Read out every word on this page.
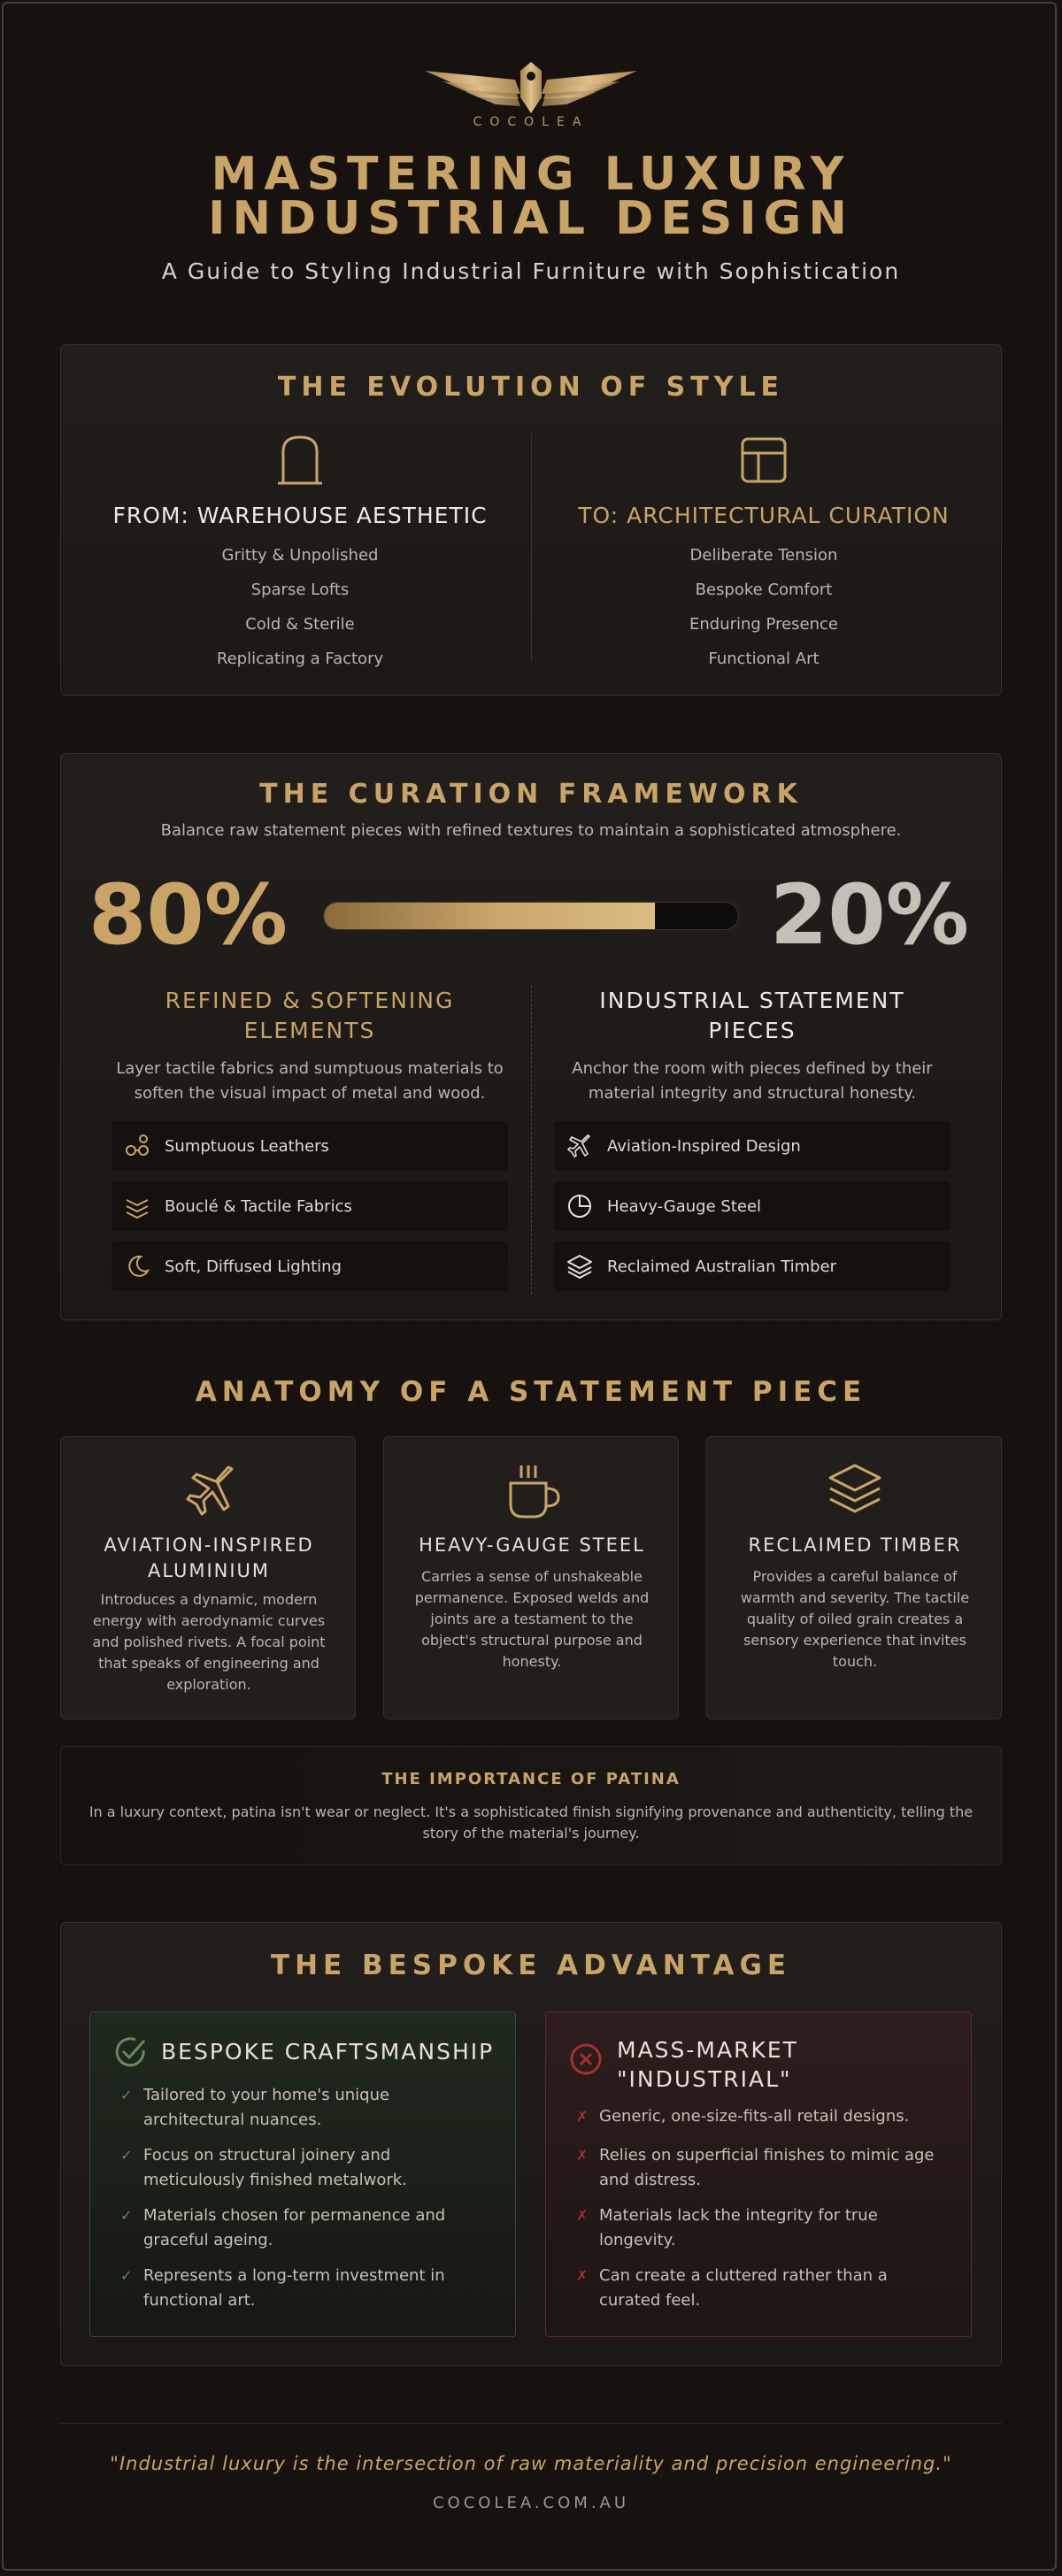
COCOLEA
MASTERING LUXURY
INDUSTRIAL DESIGN
A Guide to Styling Industrial Furniture with Sophistication
THE EVOLUTION OF STYLE
FROM: WAREHOUSE AESTHETIC
Gritty & Unpolished
Sparse Lofts
Cold & Sterile
Replicating a Factory
TO: ARCHITECTURAL CURATION
Deliberate Tension
Bespoke Comfort
Enduring Presence
Functional Art
THE CURATION FRAMEWORK
Balance raw statement pieces with refined textures to maintain a sophisticated atmosphere.
80%	20%
REFINED & SOFTENING
ELEMENTS
Layer tactile fabrics and sumptuous materials to
soften the visual impact of metal and wood.
INDUSTRIAL STATEMENT
PIECES
Anchor the room with pieces defined by their
material integrity and structural honesty.
Sumptuous Leathers
Bouclé & Tactile Fabrics
Soft, Diffused Lighting
Aviation-Inspired Design
Heavy-Gauge Steel
Reclaimed Australian Timber
ANATOMY OF A STATEMENT PIECE
AVIATION-INSPIRED
ALUMINIUM
Introduces a dynamic, modern
energy with aerodynamic curves
and polished rivets. A focal point
that speaks of engineering and
exploration.
HEAVY-GAUGE STEEL
Carries a sense of unshakeable
permanence. Exposed welds and
joints are a testament to the
object's structural purpose and
honesty.
RECLAIMED TIMBER
Provides a careful balance of
warmth and severity. The tactile
quality of oiled grain creates a
sensory experience that invites
touch.
THE IMPORTANCE OF PATINA
In a luxury context, patina isn't wear or neglect. It's a sophisticated finish signifying provenance and authenticity, telling the
story of the material's journey.
THE BESPOKE ADVANTAGE
BESPOKE CRAFTSMANSHIP
✓ Tailored to your home's unique
architectural nuances.
✓ Focus on structural joinery and
meticulously finished metalwork.
✓ Materials chosen for permanence and
graceful ageing.
✓ Represents a long-term investment in
functional art.
MASS-MARKET
"INDUSTRIAL"
✗ Generic, one-size-fits-all retail designs.
✗ Relies on superficial finishes to mimic age
and distress.
✗ Materials lack the integrity for true
longevity.
✗ Can create a cluttered rather than a
curated feel.
"Industrial luxury is the intersection of raw materiality and precision engineering."
COCOLEA.COM.AU
